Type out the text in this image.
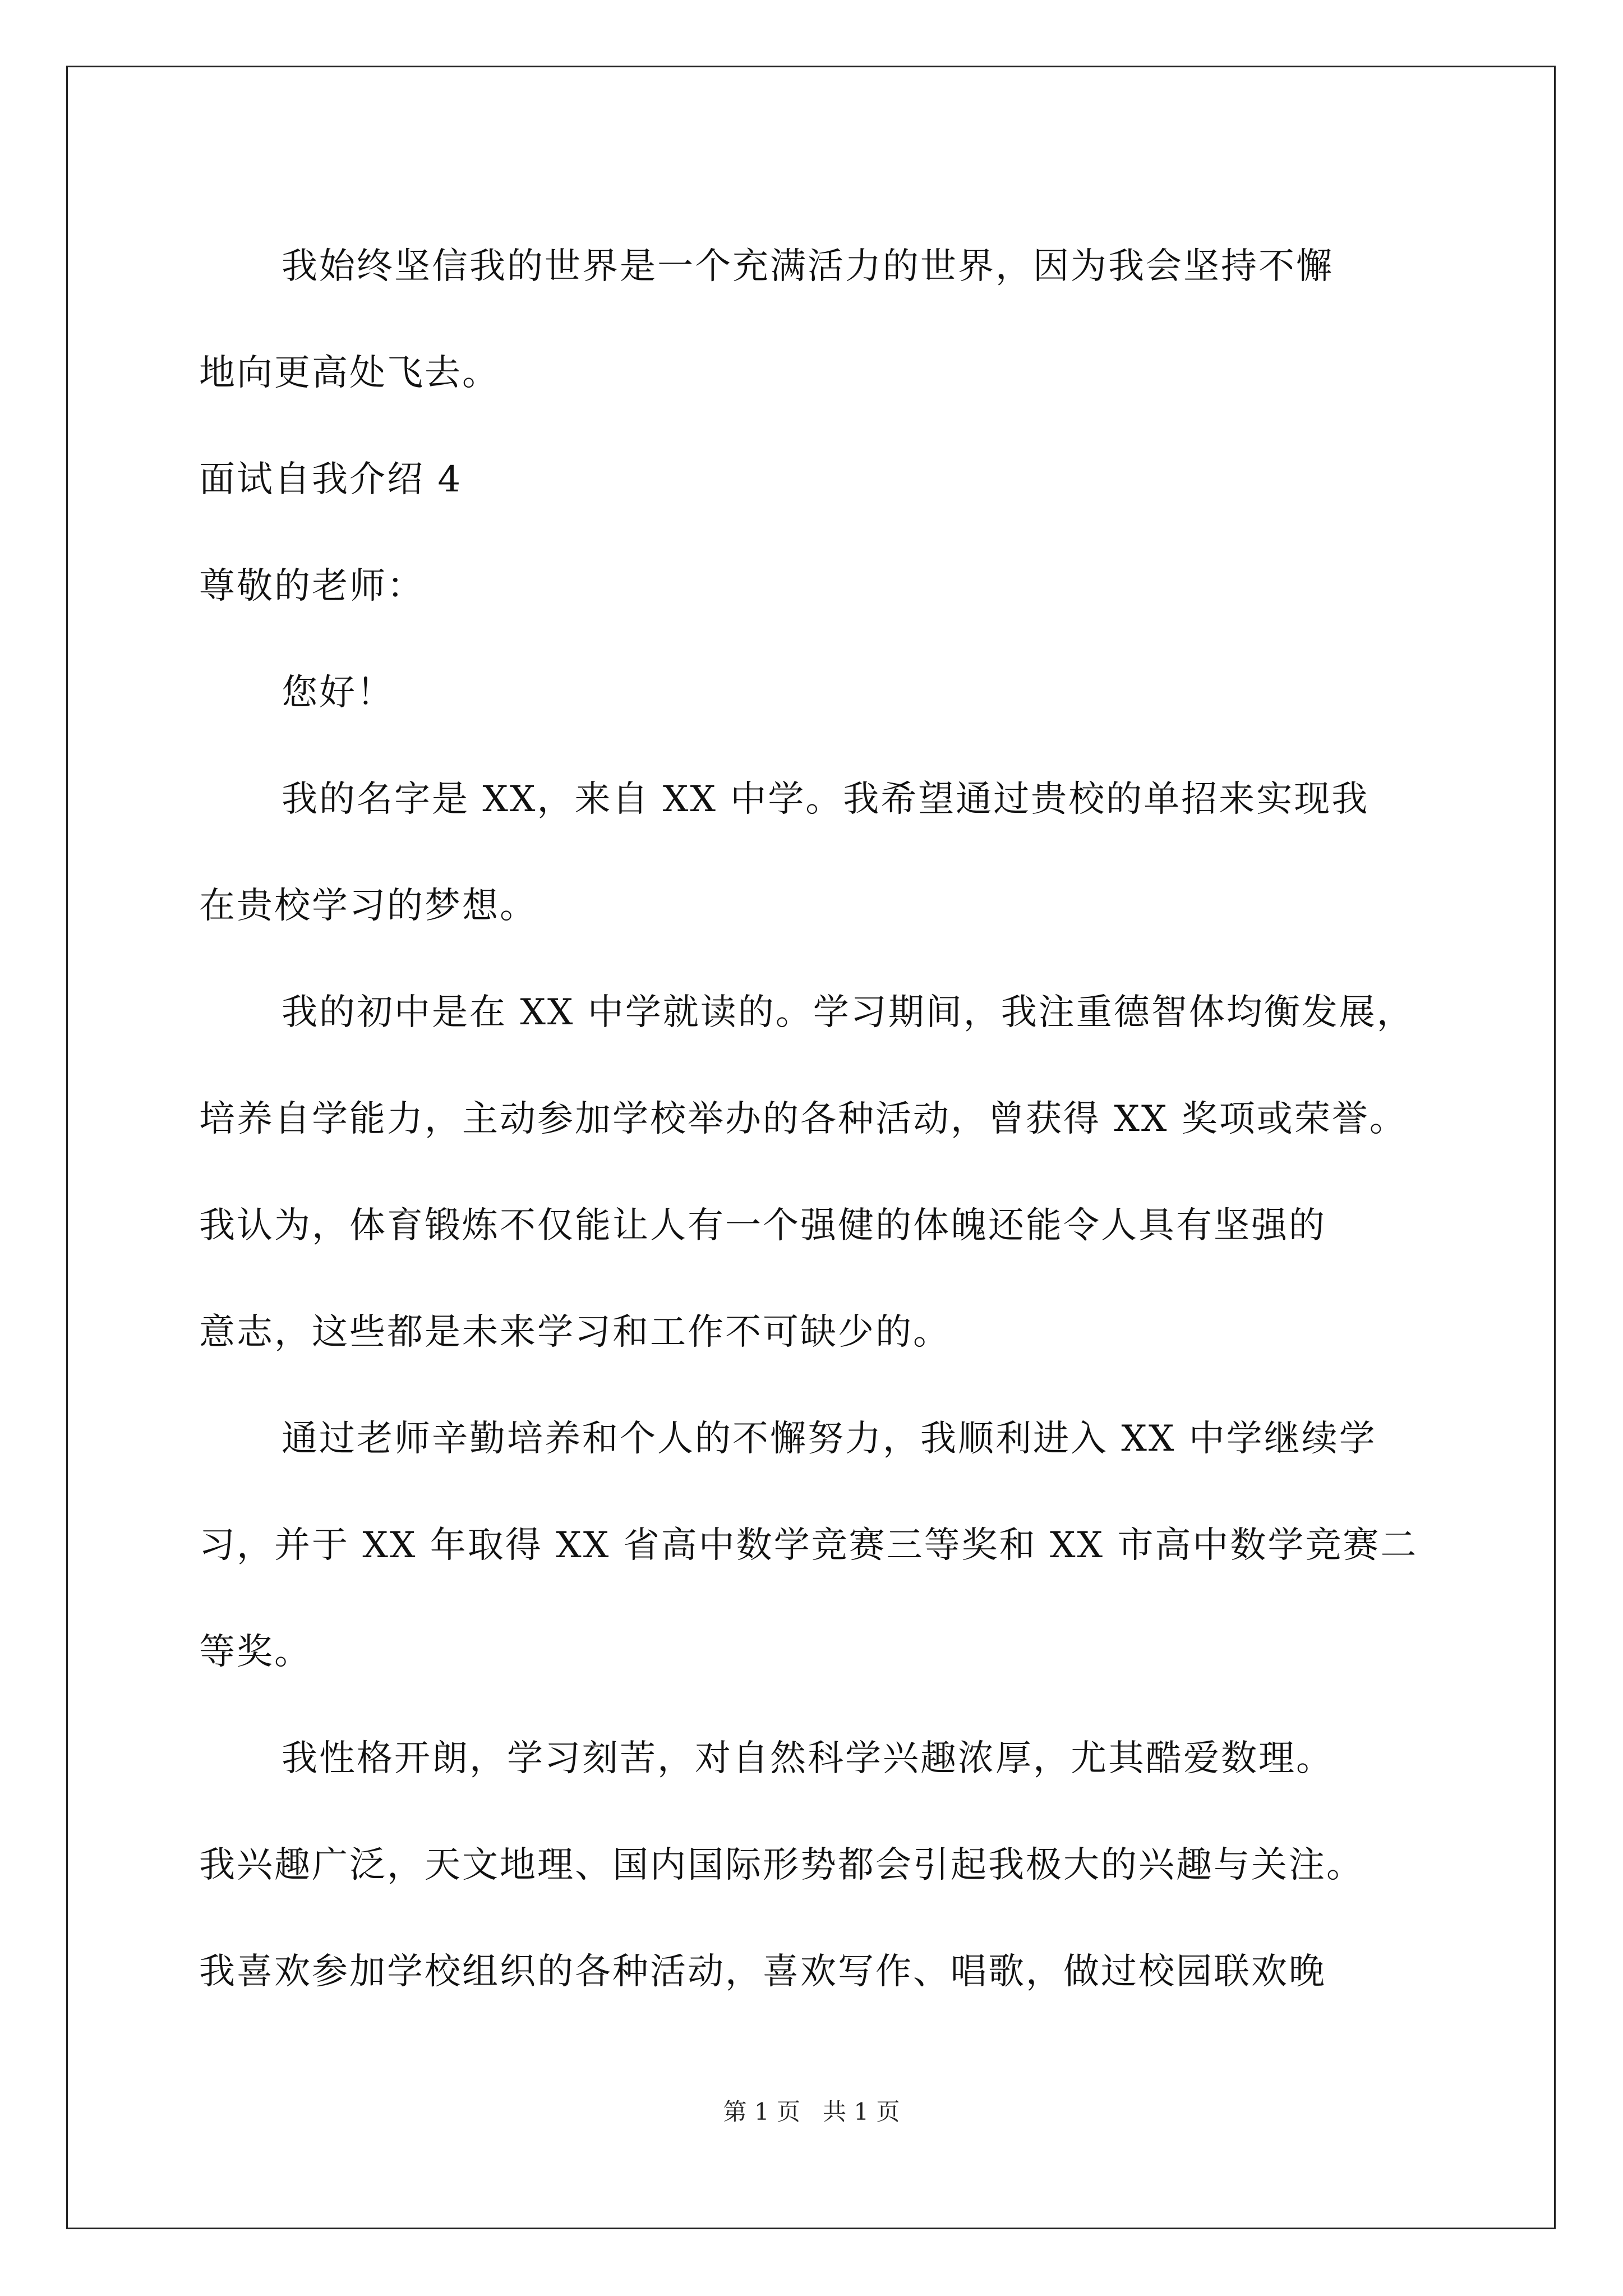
我始终坚信我的世界是一个充满活力的世界，因为我会坚持不懈
地向更高处飞去。
面试自我介绍 4
尊敬的老师：
您好！
我的名字是 XX，来自 XX 中学。我希望通过贵校的单招来实现我
在贵校学习的梦想。
我的初中是在 XX 中学就读的。学习期间，我注重德智体均衡发展，
培养自学能力，主动参加学校举办的各种活动，曾获得 XX 奖项或荣誉。
我认为，体育锻炼不仅能让人有一个强健的体魄还能令人具有坚强的
意志，这些都是未来学习和工作不可缺少的。
通过老师辛勤培养和个人的不懈努力，我顺利进入 XX 中学继续学
习，并于 XX 年取得 XX 省高中数学竞赛三等奖和 XX 市高中数学竞赛二
等奖。
我性格开朗，学习刻苦，对自然科学兴趣浓厚，尤其酷爱数理。
我兴趣广泛，天文地理、国内国际形势都会引起我极大的兴趣与关注。
我喜欢参加学校组织的各种活动，喜欢写作、唱歌，做过校园联欢晚
第 1 页   共 1 页
